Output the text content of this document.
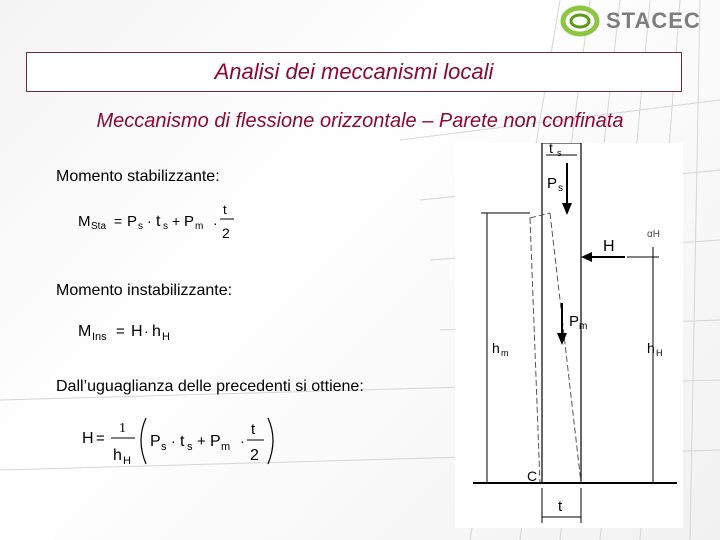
STACEC
Analisi dei meccanismi locali
Meccanismo di flessione orizzontale – Parete non confinata
Momento stabilizzante:
Momento instabilizzante:
Dall’uguaglianza delle precedenti si ottiene:
M Sta = P s · t s + P m ·
t
2
M Ins = H · h H
H =
1
h H
P s · t s + P m ·
t
2
t s
P s
H
αH
h H
P m
h m
C
t
